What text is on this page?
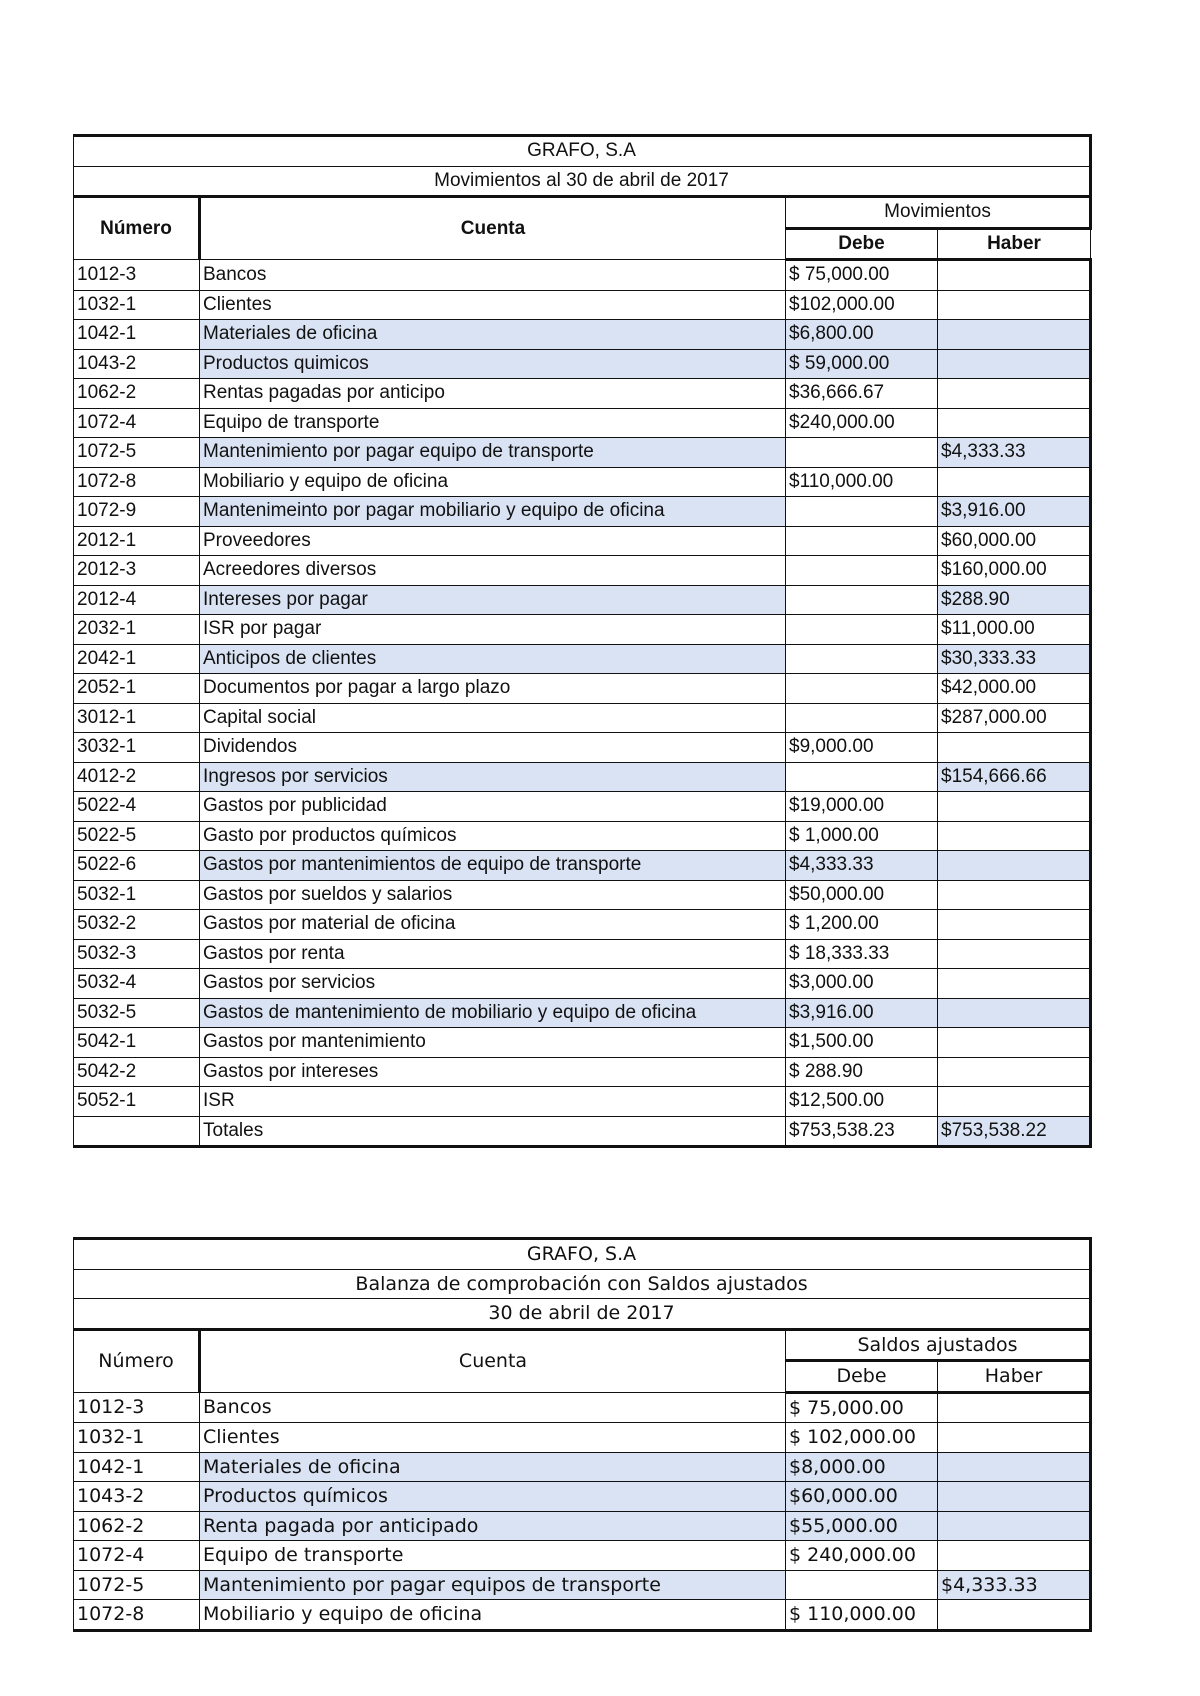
GRAFO, S.A			
Movimientos al 30 de abril de 2017			
Número	Cuenta	Movimientos	
		Debe	Haber
1012-3	Bancos	$ 75,000.00	
1032-1	Clientes	$102,000.00	
1042-1	Materiales de oficina	$6,800.00	
1043-2	Productos quimicos	$ 59,000.00	
1062-2	Rentas pagadas por anticipo	$36,666.67	
1072-4	Equipo de transporte	$240,000.00	
1072-5	Mantenimiento por pagar equipo de transporte		$4,333.33
1072-8	Mobiliario y equipo de oficina	$110,000.00	
1072-9	Mantenimeinto por pagar mobiliario y equipo de oficina		$3,916.00
2012-1	Proveedores		$60,000.00
2012-3	Acreedores diversos		$160,000.00
2012-4	Intereses por pagar		$288.90
2032-1	ISR por pagar		$11,000.00
2042-1	Anticipos de clientes		$30,333.33
2052-1	Documentos por pagar a largo plazo		$42,000.00
3012-1	Capital social		$287,000.00
3032-1	Dividendos	$9,000.00	
4012-2	Ingresos por servicios		$154,666.66
5022-4	Gastos por publicidad	$19,000.00	
5022-5	Gasto por productos químicos	$ 1,000.00	
5022-6	Gastos por mantenimientos de equipo de transporte	$4,333.33	
5032-1	Gastos por sueldos y salarios	$50,000.00	
5032-2	Gastos por material de oficina	$ 1,200.00	
5032-3	Gastos por renta	$ 18,333.33	
5032-4	Gastos por servicios	$3,000.00	
5032-5	Gastos de mantenimiento de mobiliario y equipo de oficina	$3,916.00	
5042-1	Gastos por mantenimiento	$1,500.00	
5042-2	Gastos por intereses	$ 288.90	
5052-1	ISR	$12,500.00	
	Totales	$753,538.23	$753,538.22
GRAFO, S.A			
Balanza de comprobación con Saldos ajustados			
30 de abril de 2017			
Número	Cuenta	Saldos ajustados	
		Debe	Haber
1012-3	Bancos	$ 75,000.00	
1032-1	Clientes	$ 102,000.00	
1042-1	Materiales de oficina	$8,000.00	
1043-2	Productos químicos	$60,000.00	
1062-2	Renta pagada por anticipado	$55,000.00	
1072-4	Equipo de transporte	$ 240,000.00	
1072-5	Mantenimiento por pagar equipos de transporte		$4,333.33
1072-8	Mobiliario y equipo de oficina	$ 110,000.00	
